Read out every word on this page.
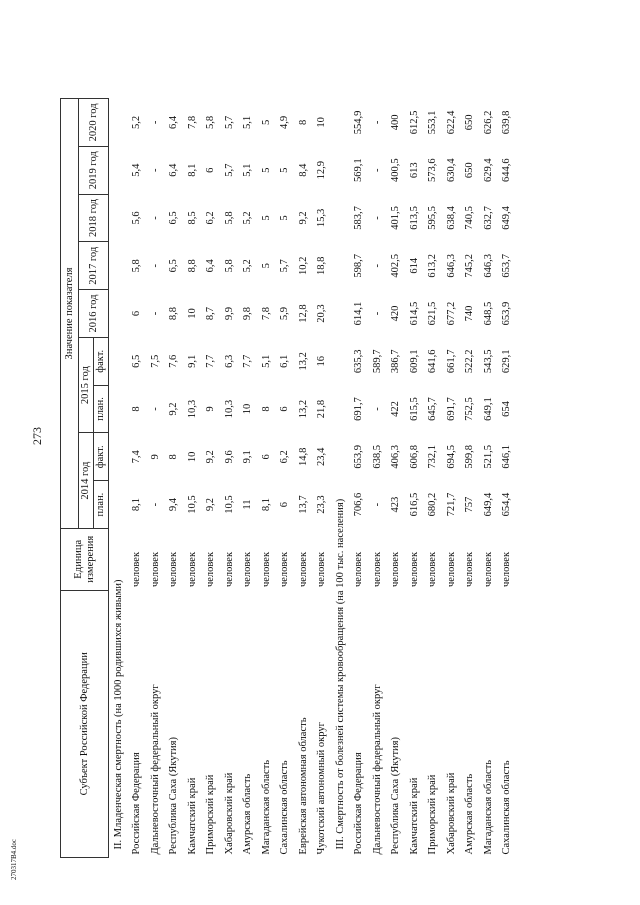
273
Субъект Российской Федерации	Единица измерения	Значение показателя								
		2014 год		2015 год		2016 год	2017 год	2018 год	2019 год	2020 год
		план.	факт.	план.	факт.					
II. Младенческая смертность (на 1000 родившихся живыми)										
Российская Федерация	человек	8,1	7,4	8	6,5	6	5,8	5,6	5,4	5,2
Дальневосточный федеральный округ	человек	-	9	-	7,5	-	-	-	-	-
Республика Саха (Якутия)	человек	9,4	8	9,2	7,6	8,8	6,5	6,5	6,4	6,4
Камчатский край	человек	10,5	10	10,3	9,1	10	8,8	8,5	8,1	7,8
Приморский край	человек	9,2	9,2	9	7,7	8,7	6,4	6,2	6	5,8
Хабаровский край	человек	10,5	9,6	10,3	6,3	9,9	5,8	5,8	5,7	5,7
Амурская область	человек	11	9,1	10	7,7	9,8	5,2	5,2	5,1	5,1
Магаданская область	человек	8,1	6	8	5,1	7,8	5	5	5	5
Сахалинская область	человек	6	6,2	6	6,1	5,9	5,7	5	5	4,9
Еврейская автономная область	человек	13,7	14,8	13,2	13,2	12,8	10,2	9,2	8,4	8
Чукотский автономный округ	человек	23,3	23,4	21,8	16	20,3	18,8	15,3	12,9	10
III. Смертность от болезней системы кровообращения (на 100 тыс. населения)										
Российская Федерация	человек	706,6	653,9	691,7	635,3	614,1	598,7	583,7	569,1	554,9
Дальневосточный федеральный округ	человек	-	638,5	-	589,7	-	-	-	-	-
Республика Саха (Якутия)	человек	423	406,3	422	386,7	420	402,5	401,5	400,5	400
Камчатский край	человек	616,5	606,8	615,5	609,1	614,5	614	613,5	613	612,5
Приморский край	человек	680,2	732,1	645,7	641,6	621,5	613,2	595,5	573,6	553,1
Хабаровский край	человек	721,7	694,5	691,7	661,7	677,2	646,3	638,4	630,4	622,4
Амурская область	человек	757	599,8	752,5	522,2	740	745,2	740,5	650	650
Магаданская область	человек	649,4	521,5	649,1	543,5	648,5	646,3	632,7	629,4	626,2
Сахалинская область	человек	654,4	646,1	654	629,1	653,9	653,7	649,4	644,6	639,8
270317B4.doc
